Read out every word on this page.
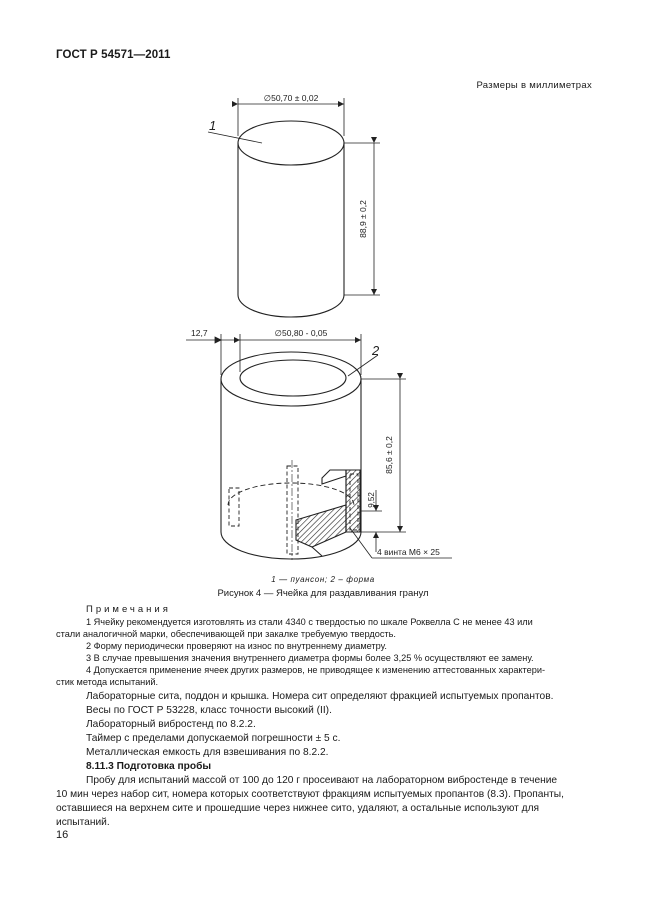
ГОСТ Р 54571—2011
Размеры в миллиметрах
∅50,70 ± 0,02
88,9 ± 0,2
1
12,7	∅50,80 - 0,05
85,6 ± 0,2
9,52
2
4 винта М6 × 25
1 — пуансон; 2 – форма
Рисунок 4 — Ячейка для раздавливания гранул
Примечания
1 Ячейку рекомендуется изготовлять из стали 4340 с твердостью по шкале Роквелла С не менее 43 или
стали аналогичной марки, обеспечивающей при закалке требуемую твердость.
2 Форму периодически проверяют на износ по внутреннему диаметру.
3 В случае превышения значения внутреннего диаметра формы более 3,25 % осуществляют ее замену.
4 Допускается применение ячеек других размеров, не приводящее к изменению аттестованных характери-
стик метода испытаний.
Лабораторные сита, поддон и крышка. Номера сит определяют фракцией испытуемых пропантов.
Весы по ГОСТ Р 53228, класс точности высокий (II).
Лабораторный вибростенд по 8.2.2.
Таймер с пределами допускаемой погрешности ± 5 с.
Металлическая емкость для взвешивания по 8.2.2.
8.11.3 Подготовка пробы
Пробу для испытаний массой от 100 до 120 г просеивают на лабораторном вибростенде в течение
10 мин через набор сит, номера которых соответствуют фракциям испытуемых пропантов (8.3). Пропанты,
оставшиеся на верхнем сите и прошедшие через нижнее сито, удаляют, а остальные используют для
испытаний.
16
